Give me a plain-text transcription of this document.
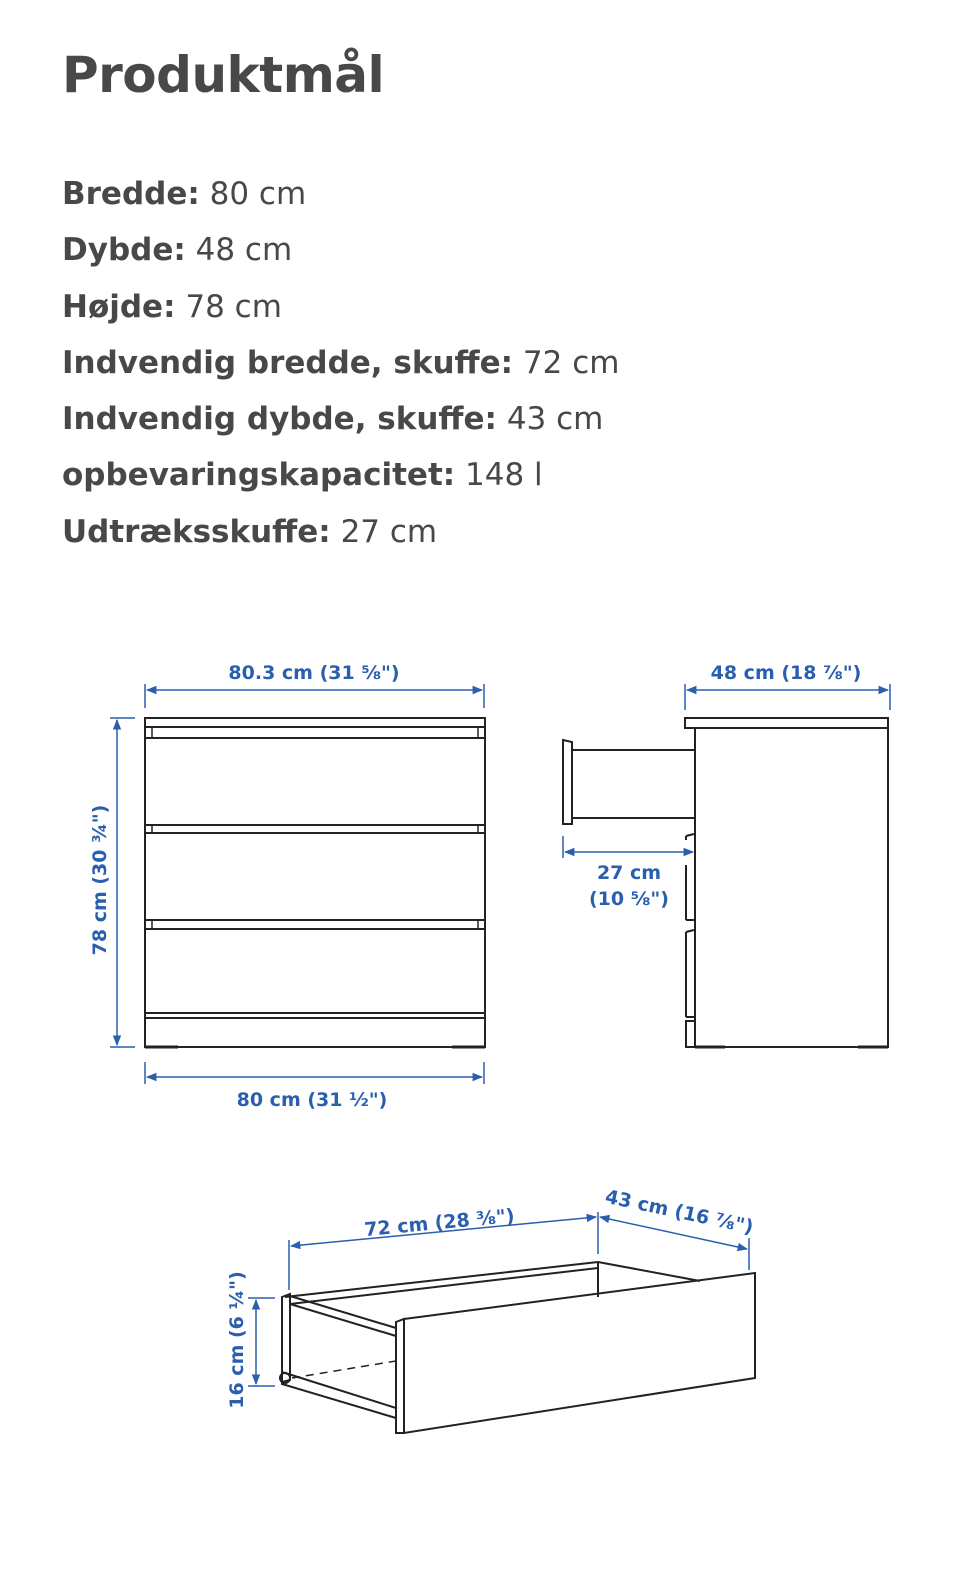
Produktmål
Bredde: 80 cm
Dybde: 48 cm
Højde: 78 cm
Indvendig bredde, skuffe: 72 cm
Indvendig dybde, skuffe: 43 cm
opbevaringskapacitet: 148 l
Udtræksskuffe: 27 cm
80.3 cm (31 ⅝")
78 cm (30 ¾")
80 cm (31 ½")
48 cm (18 ⅞")
27 cm
(10 ⅝")
72 cm (28 ⅜")	43 cm (16 ⅞")
16 cm (6 ¼")
